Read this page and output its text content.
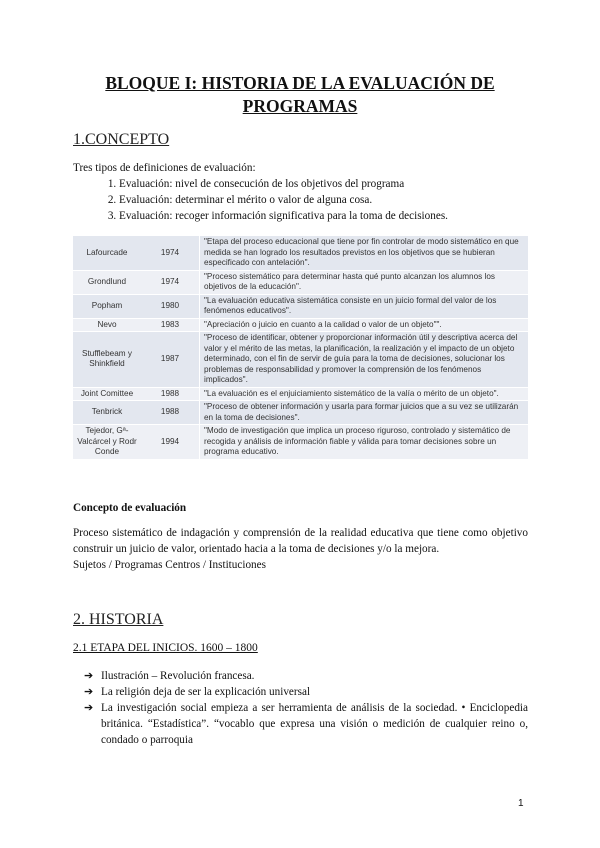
BLOQUE I: HISTORIA DE LA EVALUACIÓN DE PROGRAMAS
1.CONCEPTO
Tres tipos de definiciones de evaluación:
1. Evaluación: nivel de consecución de los objetivos del programa
2. Evaluación: determinar el mérito o valor de alguna cosa.
3. Evaluación: recoger información significativa para la toma de decisiones.
Lafourcade	1974	"Etapa del proceso educacional que tiene por fin controlar de modo sistemático en que medida se han logrado los resultados previstos en los objetivos que se hubieran especificado con antelación".
Grondlund	1974	"Proceso sistemático para determinar hasta qué punto alcanzan los alumnos los objetivos de la educación".
Popham	1980	"La evaluación educativa sistemática consiste en un juicio formal del valor de los fenómenos educativos".
Nevo	1983	"Apreciación o juicio en cuanto a la calidad o valor de un objeto"".
Stufflebeam y Shinkfield	1987	"Proceso de identificar, obtener y proporcionar información útil y descriptiva acerca del valor y el mérito de las metas, la planificación, la realización y el impacto de un objeto determinado, con el fin de servir de guía para la toma de decisiones, solucionar los problemas de responsabilidad y promover la comprensión de los fenómenos implicados".
Joint Comittee	1988	"La evaluación es el enjuiciamiento sistemático de la valía o mérito de un objeto".
Tenbrick	1988	"Proceso de obtener información y usarla para formar juicios que a su vez se utilizarán en la toma de decisiones".
Tejedor, Gª-Valcárcel y Rodr Conde	1994	"Modo de investigación que implica un proceso riguroso, controlado y sistemático de recogida y análisis de información fiable y válida para tomar decisiones sobre un programa educativo.
Concepto de evaluación
Proceso sistemático de indagación y comprensión de la realidad educativa que tiene como objetivo construir un juicio de valor, orientado hacia a la toma de decisiones y/o la mejora.
Sujetos / Programas Centros / Instituciones
2. HISTORIA
2.1 ETAPA DEL INICIOS. 1600 – 1800
➔ Ilustración – Revolución francesa.
➔ La religión deja de ser la explicación universal
➔ La investigación social empieza a ser herramienta de análisis de la sociedad. • Enciclopedia británica. “Estadística”. “vocablo que expresa una visión o medición de cualquier reino o, condado o parroquia
1
